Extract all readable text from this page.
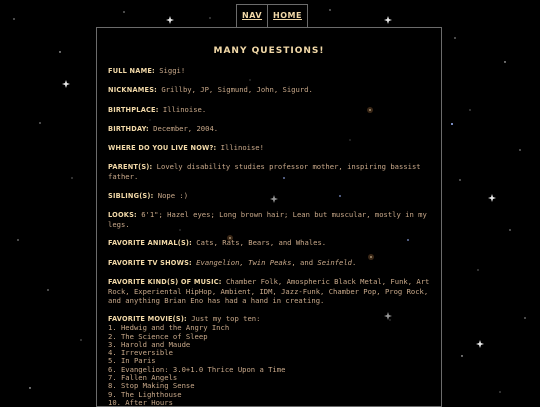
NAV	HOME
MANY QUESTIONS!
FULL NAME: Siggi!
NICKNAMES: Grillby, JP, Sigmund, John, Sigurd.
BIRTHPLACE: Illinoise.
BIRTHDAY: December, 2004.
WHERE DO YOU LIVE NOW?: Illinoise!
PARENT(S): Lovely disability studies professor mother, inspiring bassist father.
SIBLING(S): Nope :)
LOOKS: 6'1"; Hazel eyes; Long brown hair; Lean but muscular, mostly in my legs.
FAVORITE ANIMAL(S): Cats, Rats, Bears, and Whales.
FAVORITE TV SHOWS: Evangelion, Twin Peaks, and Seinfeld.
FAVORITE KIND(S) OF MUSIC: Chamber Folk, Amospheric Black Metal, Funk, Art Rock, Experiental HipHop, Ambient, IDM, Jazz-Funk, Chamber Pop, Prog Rock, and anything Brian Eno has had a hand in creating.
FAVORITE MOVIE(S): Just my top ten:
1. Hedwig and the Angry Inch
2. The Science of Sleep
3. Harold and Maude
4. Irreversible
5. In Paris
6. Evangelion: 3.0+1.0 Thrice Upon a Time
7. Fallen Angels
8. Stop Making Sense
9. The Lighthouse
10. After Hours
